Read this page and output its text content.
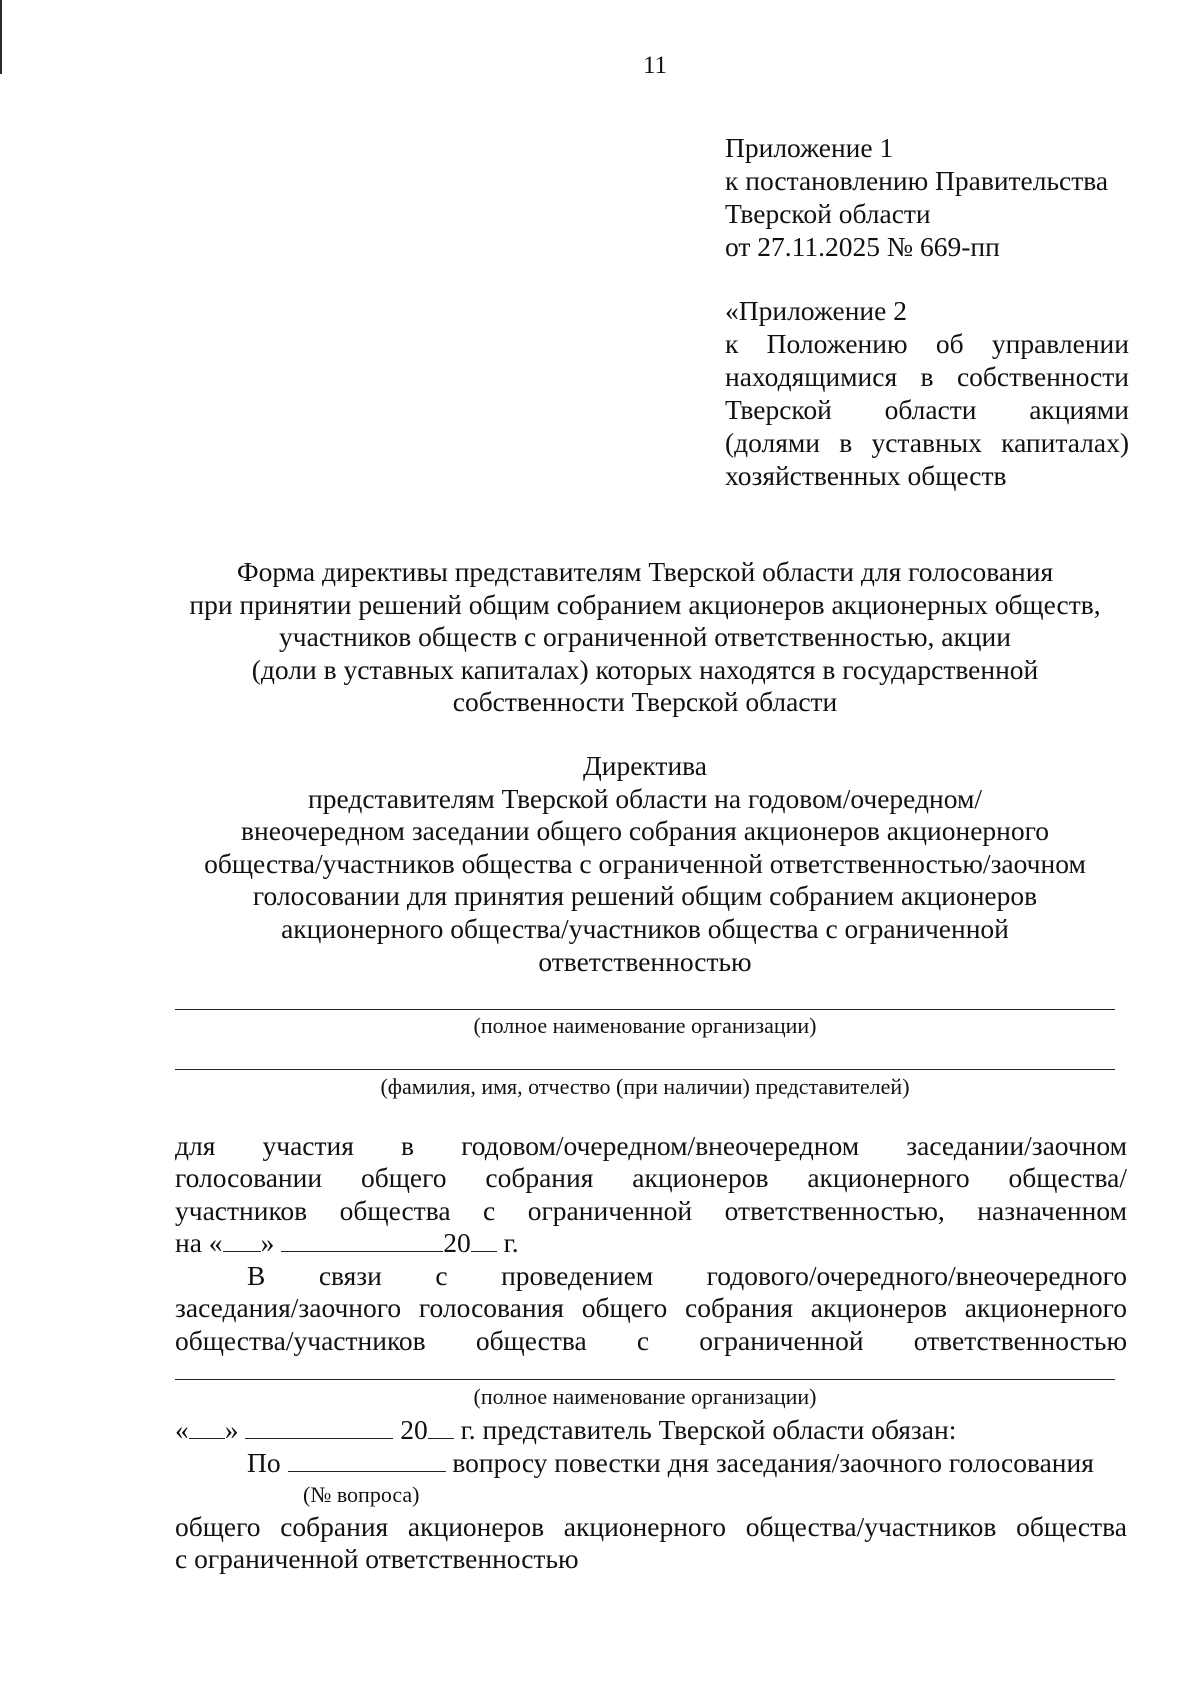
11
Приложение 1
к постановлению Правительства
Тверской области
от 27.11.2025 № 669-пп
«Приложение 2
к Положению об управлении
находящимися в собственности
Тверской области акциями
(долями в уставных капиталах)
хозяйственных обществ
Форма директивы представителям Тверской области для голосования
при принятии решений общим собранием акционеров акционерных обществ,
участников обществ с ограниченной ответственностью, акции
(доли в уставных капиталах) которых находятся в государственной
собственности Тверской области
Директива
представителям Тверской области на годовом/очередном/
внеочередном заседании общего собрания акционеров акционерного
общества/участников общества с ограниченной ответственностью/заочном
голосовании для принятия решений общим собранием акционеров
акционерного общества/участников общества с ограниченной
ответственностью
(полное наименование организации)
(фамилия, имя, отчество (при наличии) представителей)
для участия в годовом/очередном/внеочередном заседании/заочном
голосовании общего собрания акционеров акционерного общества/
участников общества с ограниченной ответственностью, назначенном
на « »	20 г.
В связи с проведением годового/очередного/внеочередного
заседания/заочного голосования общего собрания акционеров акционерного
общества/участников общества с ограниченной ответственностью
(полное наименование организации)
« »	20 г. представитель Тверской области обязан:
По	вопросу повестки дня заседания/заочного голосования
(№ вопроса)
общего собрания акционеров акционерного общества/участников общества
с ограниченной ответственностью
